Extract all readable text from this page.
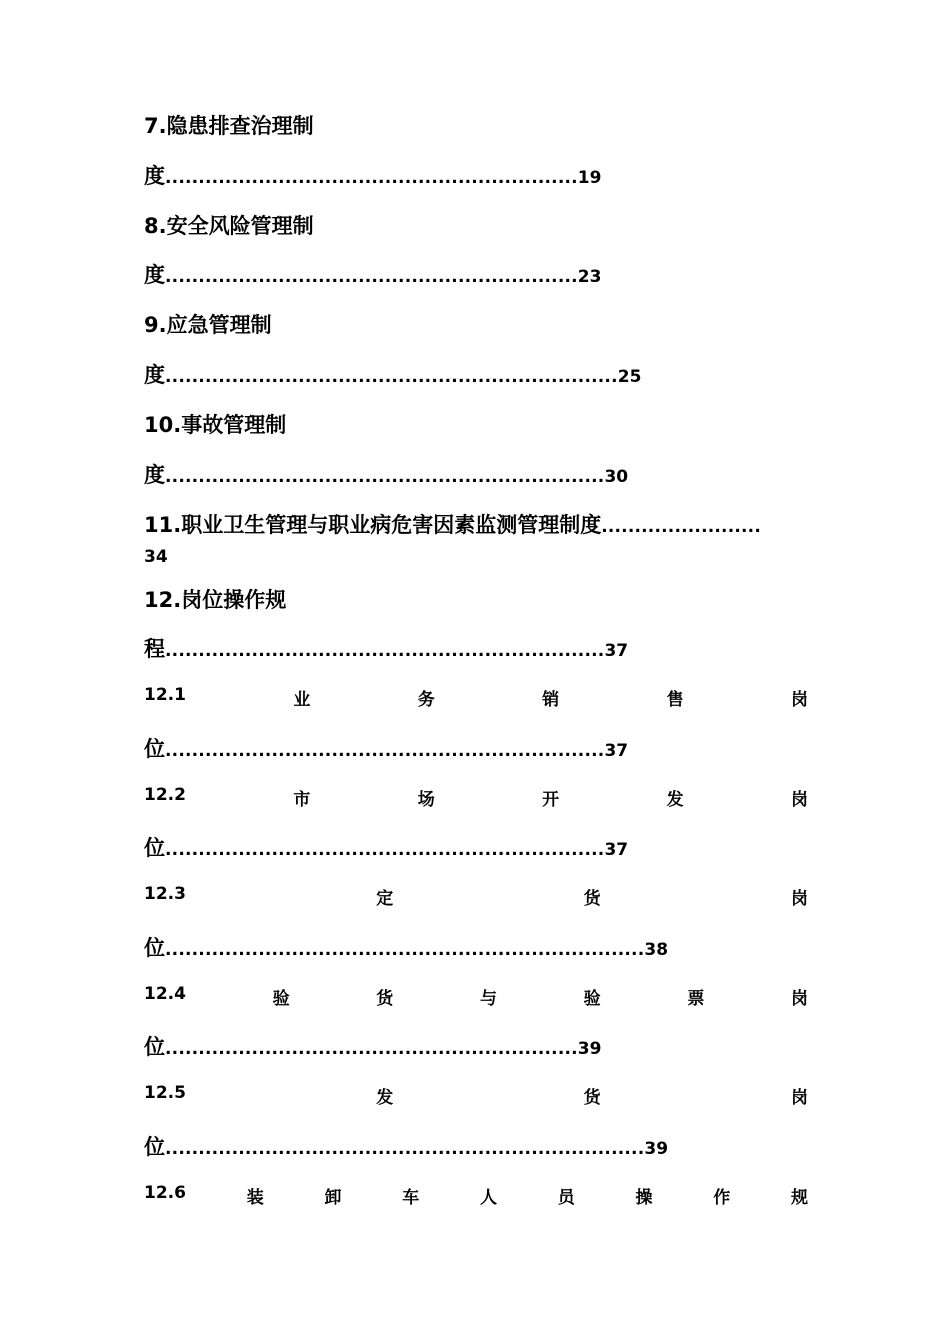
7.隐患排查治理制
度..............................................................19
8.安全风险管理制
度..............................................................23
9.应急管理制
度....................................................................25
10.事故管理制
度..................................................................30
11.职业卫生管理与职业病危害因素监测管理制度........................
34
12.岗位操作规
程..................................................................37
12.1	业	务	销	售	岗
位..................................................................37
12.2	市	场	开	发	岗
位..................................................................37
12.3	定	货	岗
位........................................................................38
12.4	验	货	与	验	票	岗
位..............................................................39
12.5	发	货	岗
位........................................................................39
12.6	装	卸	车	人	员	操	作	规
